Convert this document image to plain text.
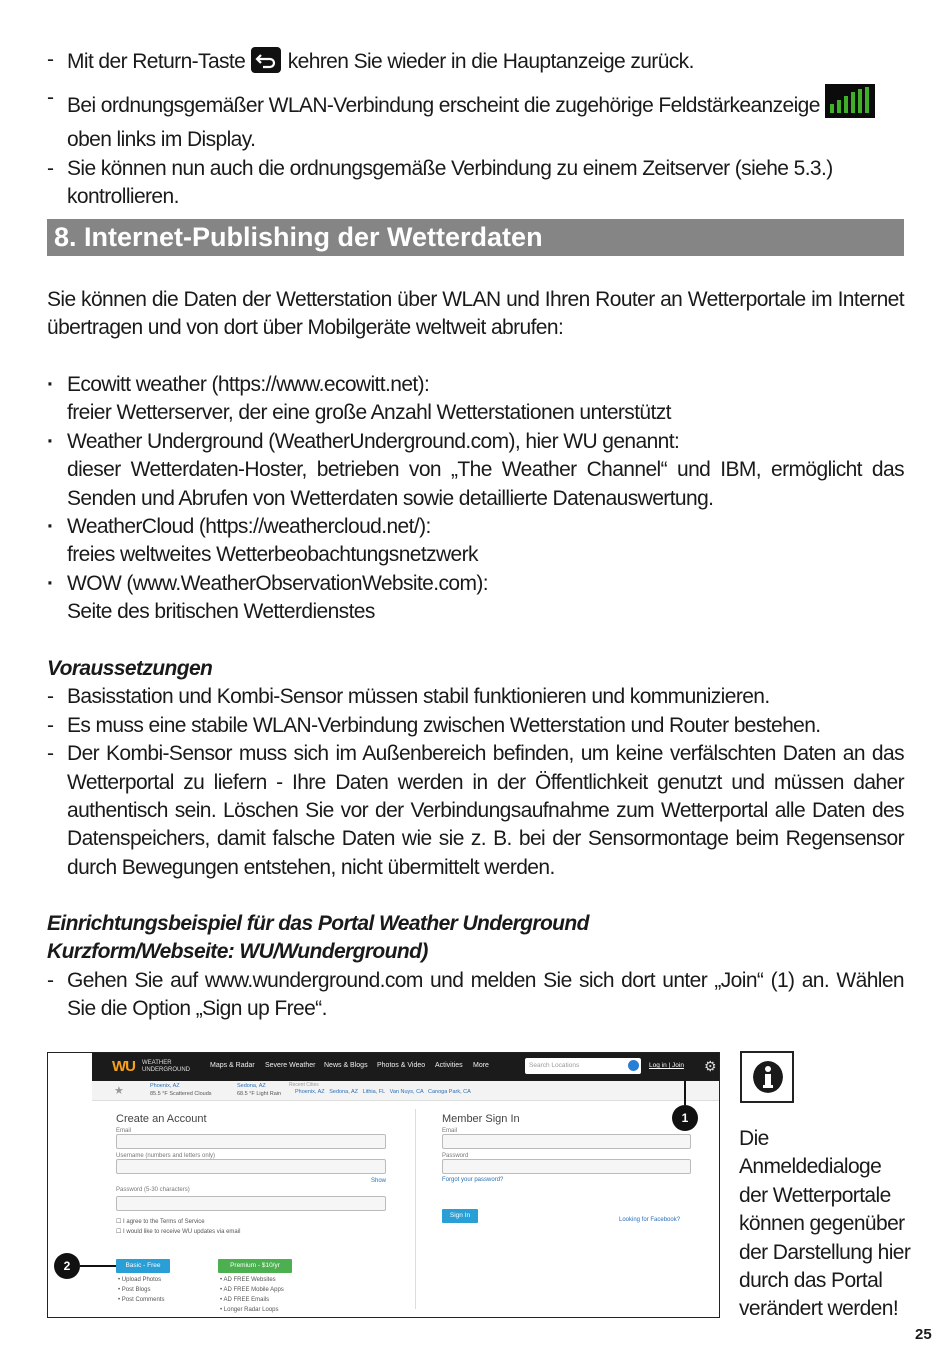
- Mit der Return-Taste kehren Sie wieder in die Hauptanzeige zurück.
- Bei ordnungsgemäßer WLAN-Verbindung erscheint die zugehörige Feldstärkeanzeige  oben links im Display.
- Sie können nun auch die ordnungsgemäße Verbindung zu einem Zeitserver (siehe 5.3.) kontrollieren.
8. Internet-Publishing der Wetterdaten
Sie können die Daten der Wetterstation über WLAN und Ihren Router an Wetterportale im Internet übertragen und von dort über Mobilgeräte weltweit abrufen:
· Ecowitt weather (https://www.ecowitt.net):
freier Wetterserver, der eine große Anzahl Wetterstationen unterstützt
· Weather Underground (WeatherUnderground.com), hier WU genannt:
dieser Wetterdaten-Hoster, betrieben von „The Weather Channel“ und IBM, ermöglicht das Senden und Abrufen von Wetterdaten sowie detaillierte Datenauswertung.
· WeatherCloud (https://weathercloud.net/):
freies weltweites Wetterbeobachtungsnetzwerk
· WOW (www.WeatherObservationWebsite.com):
Seite des britischen Wetterdienstes
Voraussetzungen
- Basisstation und Kombi-Sensor müssen stabil funktionieren und kommunizieren.
- Es muss eine stabile WLAN-Verbindung zwischen Wetterstation und Router bestehen.
- Der Kombi-Sensor muss sich im Außenbereich befinden, um keine verfälschten Daten an das Wetterportal zu liefern - Ihre Daten werden in der Öffentlichkeit genutzt und müssen daher authentisch sein. Löschen Sie vor der Verbindungsaufnahme zum Wetterportal alle Daten des Datenspeichers, damit falsche Daten wie sie z. B. bei der Sensormontage beim Regensensor durch Bewegungen entstehen, nicht übermittelt werden.
Einrichtungsbeispiel für das Portal Weather Underground
Kurzform/Webseite: WU/Wunderground)
- Gehen Sie auf www.wunderground.com und melden Sie sich dort unter „Join“ (1) an. Wählen Sie die Option „Sign up Free“.
WU WEATHER
UNDERGROUND
Maps & Radar Severe Weather News & Blogs Photos & Video Activities More	Search Locations	Log in | Join ⚙
★	Phoenix, AZ
85.5 °F Scattered Clouds
Sedona, AZ
68.5 °F Light Rain
Recent Cities
Phoenix, AZ   Sedona, AZ   Lithia, FL   Van Nuys, CA   Canoga Park, CA
Create an Account
Email
Username (numbers and letters only)
Password (5-30 characters)
Show
☐ I agree to the Terms of Service
☐ I would like to receive WU updates via email
Basic - Free	Premium - $10/yr
• Upload Photos
• Post Blogs
• Post Comments
• AD FREE Websites
• AD FREE Mobile Apps
• AD FREE Emails
• Longer Radar Loops
Member Sign In
Email
Password
Forgot your password?
Sign In
Looking for Facebook?
1
2
Die Anmeldedialoge der Wetterportale können gegenüber der Darstellung hier durch das Portal verändert werden!
25
